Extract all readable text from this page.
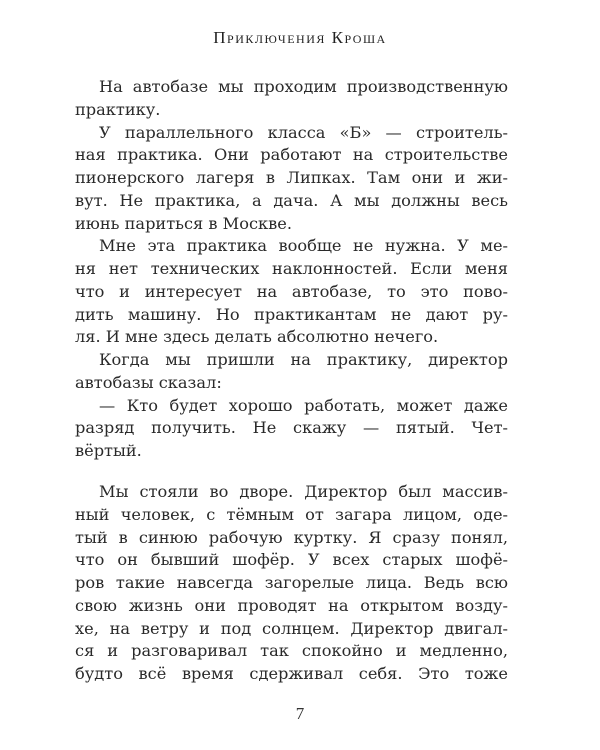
Приключения Кроша
На автобазе мы проходим производственную
практику.
У параллельного класса «Б» — строитель-
ная практика. Они работают на строительстве
пионерского лагеря в Липках. Там они и жи-
вут. Не практика, а дача. А мы должны весь
июнь париться в Москве.
Мне эта практика вообще не нужна. У ме-
ня нет технических наклонностей. Если меня
что и интересует на автобазе, то это пово-
дить машину. Но практикантам не дают ру-
ля. И мне здесь делать абсолютно нечего.
Когда мы пришли на практику, директор
автобазы сказал:
— Кто будет хорошо работать, может даже
разряд получить. Не скажу — пятый. Чет-
вёртый.
Мы стояли во дворе. Директор был массив-
ный человек, с тёмным от загара лицом, оде-
тый в синюю рабочую куртку. Я сразу понял,
что он бывший шофёр. У всех старых шофё-
ров такие навсегда загорелые лица. Ведь всю
свою жизнь они проводят на открытом возду-
хе, на ветру и под солнцем. Директор двигал-
ся и разговаривал так спокойно и медленно,
будто всё время сдерживал себя. Это тоже
7
